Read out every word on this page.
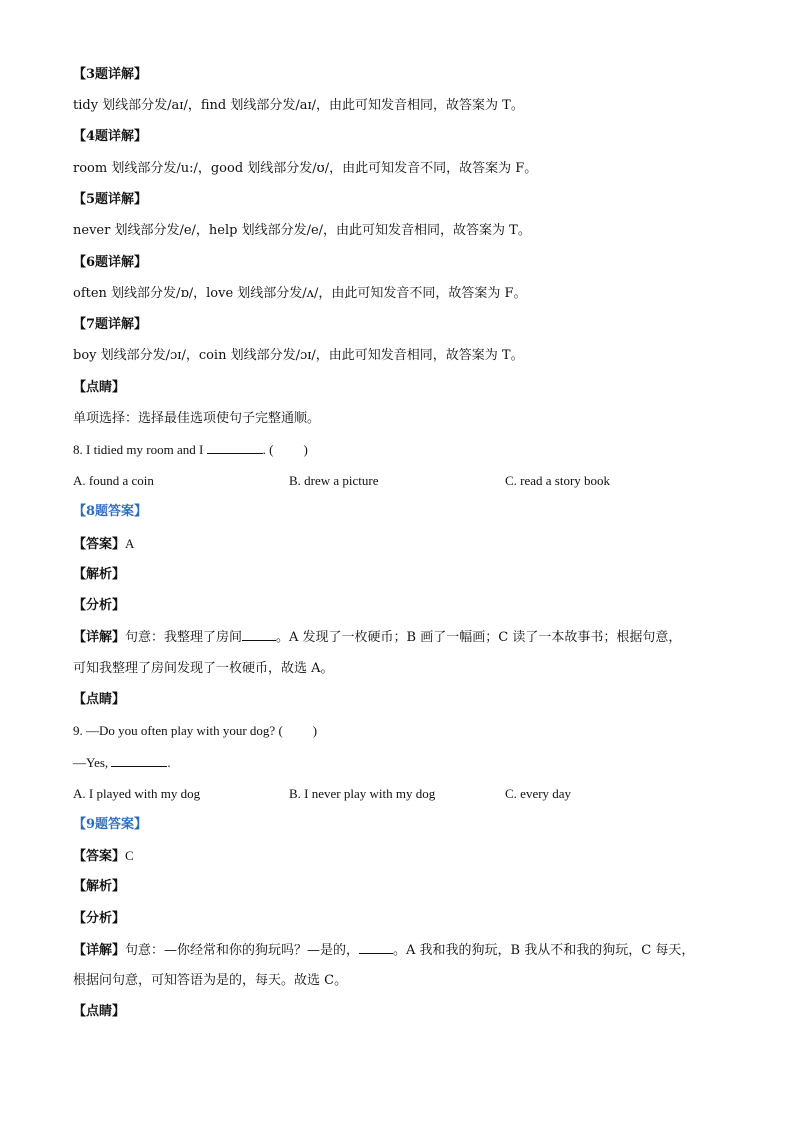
【3题详解】
tidy 划线部分发/aɪ/，find 划线部分发/aɪ/，由此可知发音相同，故答案为 T。
【4题详解】
room 划线部分发/u:/，good 划线部分发/ʊ/，由此可知发音不同，故答案为 F。
【5题详解】
never 划线部分发/e/，help 划线部分发/e/，由此可知发音相同，故答案为 T。
【6题详解】
often 划线部分发/ɒ/，love 划线部分发/ʌ/，由此可知发音不同，故答案为 F。
【7题详解】
boy 划线部分发/ɔɪ/，coin 划线部分发/ɔɪ/，由此可知发音相同，故答案为 T。
【点睛】
单项选择：选择最佳选项使句子完整通顺。
8. I tidied my room and I	. ( )
A. found a coin	B. drew a picture	C. read a story book
【8题答案】
【答案】A
【解析】
【分析】
【详解】句意：我整理了房间	。A 发现了一枚硬币；B 画了一幅画；C 读了一本故事书；根据句意，
可知我整理了房间发现了一枚硬币，故选 A。
【点睛】
9. —Do you often play with your dog? ( )
—Yes,	.
A. I played with my dog	B. I never play with my dog	C. every day
【9题答案】
【答案】C
【解析】
【分析】
【详解】句意：—你经常和你的狗玩吗？—是的，	。A 我和我的狗玩，B 我从不和我的狗玩，C 每天，
根据问句意，可知答语为是的，每天。故选 C。
【点睛】
